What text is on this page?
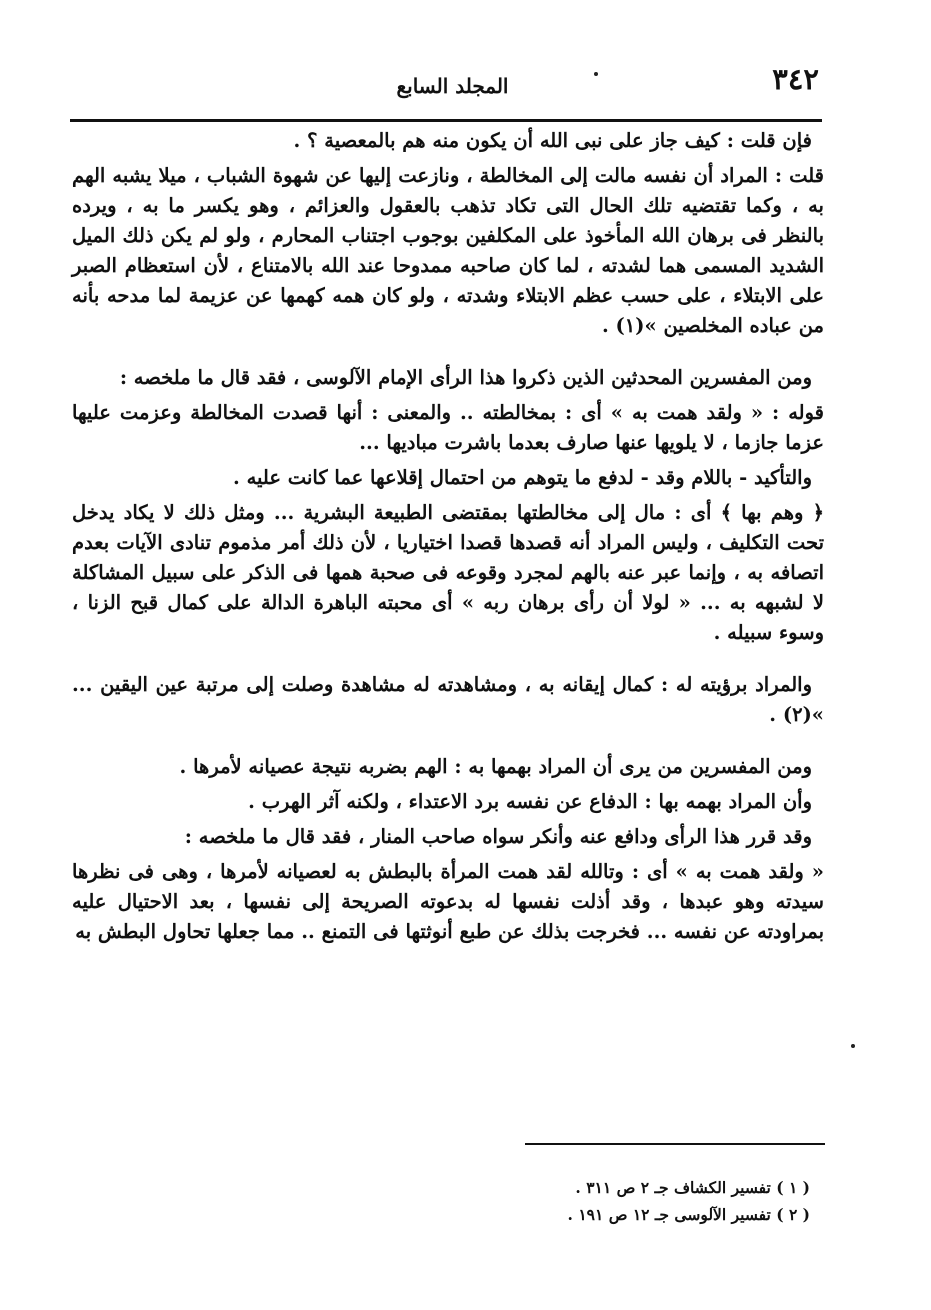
٣٤٢
المجلد السابع

فإن قلت : كيف جاز على نبى الله أن يكون منه هم بالمعصية ؟ .

قلت : المراد أن نفسه مالت إلى المخالطة ، ونازعت إليها عن شهوة الشباب ، ميلا يشبه الهم به ، وكما تقتضيه تلك الحال التى تكاد تذهب بالعقول والعزائم ، وهو يكسر ما به ، ويرده بالنظر فى برهان الله المأخوذ على المكلفين بوجوب اجتناب المحارم ، ولو لم يكن ذلك الميل الشديد المسمى هما لشدته ، لما كان صاحبه ممدوحا عند الله بالامتناع ، لأن استعظام الصبر على الابتلاء ، على حسب عظم الابتلاء وشدته ، ولو كان همه كهمها عن عزيمة لما مدحه بأنه من عباده المخلصين »(١) .

ومن المفسرين المحدثين الذين ذكروا هذا الرأى الإمام الآلوسى ، فقد قال ما ملخصه :

قوله : « ولقد همت به » أى : بمخالطته .. والمعنى : أنها قصدت المخالطة وعزمت عليها عزما جازما ، لا يلويها عنها صارف بعدما باشرت مباديها ...

والتأكيد - باللام وقد - لدفع ما يتوهم من احتمال إقلاعها عما كانت عليه .

﴿ وهم بها ﴾ أى : مال إلى مخالطتها بمقتضى الطبيعة البشرية ... ومثل ذلك لا يكاد يدخل تحت التكليف ، وليس المراد أنه قصدها قصدا اختياريا ، لأن ذلك أمر مذموم تنادى الآيات بعدم اتصافه به ، وإنما عبر عنه بالهم لمجرد وقوعه فى صحبة همها فى الذكر على سبيل المشاكلة لا لشبهه به ... « لولا أن رأى برهان ربه » أى محبته الباهرة الدالة على كمال قبح الزنا ، وسوء سبيله .

والمراد برؤيته له : كمال إيقانه به ، ومشاهدته له مشاهدة وصلت إلى مرتبة عين اليقين ... »(٢) .

ومن المفسرين من يرى أن المراد بهمها به : الهم بضربه نتيجة عصيانه لأمرها .

وأن المراد بهمه بها : الدفاع عن نفسه برد الاعتداء ، ولكنه آثر الهرب .

وقد قرر هذا الرأى ودافع عنه وأنكر سواه صاحب المنار ، فقد قال ما ملخصه :

« ولقد همت به » أى : وتالله لقد همت المرأة بالبطش به لعصيانه لأمرها ، وهى فى نظرها سيدته وهو عبدها ، وقد أذلت نفسها له بدعوته الصريحة إلى نفسها ، بعد الاحتيال عليه بمراودته عن نفسه ... فخرجت بذلك عن طبع أنوثتها فى التمنع .. مما جعلها تحاول البطش به

( ١ ) تفسير الكشاف جـ ٢ ص ٣١١ .
( ٢ ) تفسير الآلوسى جـ ١٢ ص ١٩١ .
